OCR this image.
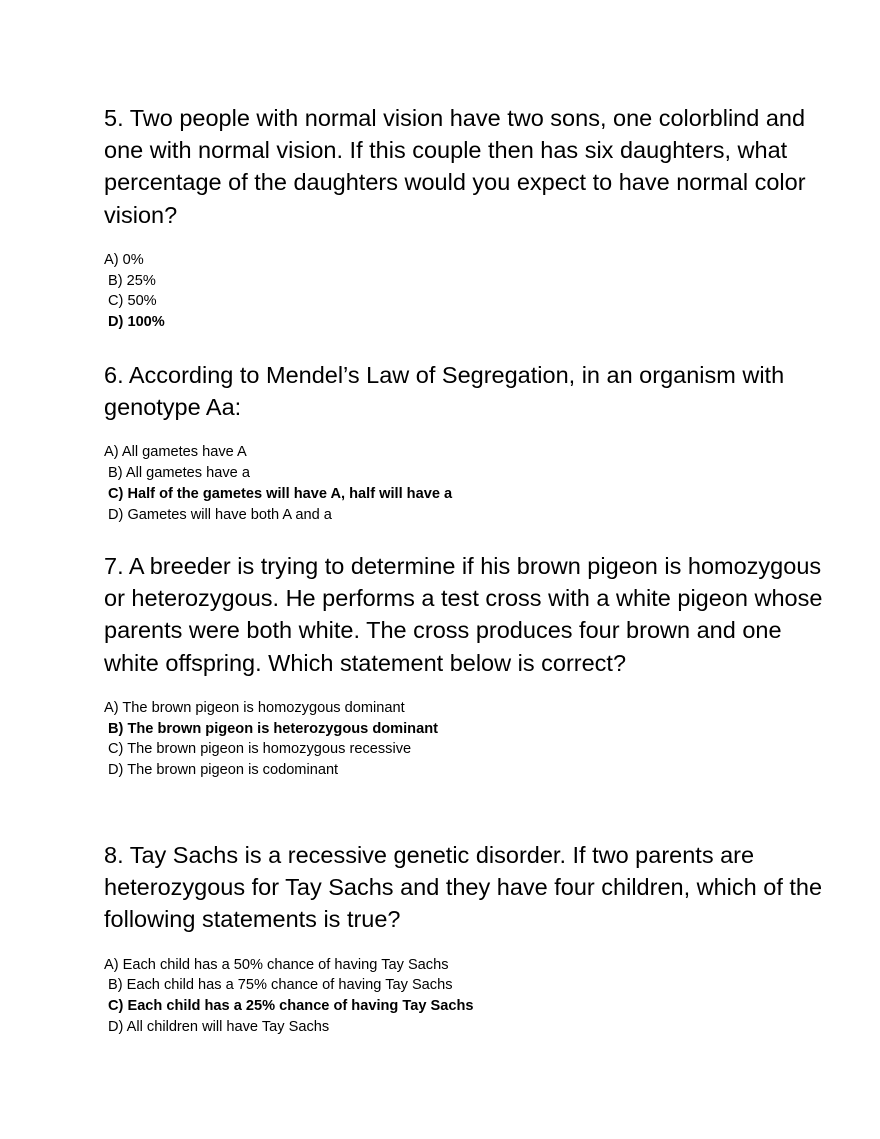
5. Two people with normal vision have two sons, one colorblind and one with normal vision. If this couple then has six daughters, what percentage of the daughters would you expect to have normal color vision?

A) 0%

B) 25%

C) 50%

D) 100%

6. According to Mendel’s Law of Segregation, in an organism with genotype Aa:

A) All gametes have A

B) All gametes have a

C) Half of the gametes will have A, half will have a

D) Gametes will have both A and a

7. A breeder is trying to determine if his brown pigeon is homozygous or heterozygous. He performs a test cross with a white pigeon whose parents were both white. The cross produces four brown and one white offspring. Which statement below is correct?

A) The brown pigeon is homozygous dominant

B) The brown pigeon is heterozygous dominant

C) The brown pigeon is homozygous recessive

D) The brown pigeon is codominant

8. Tay Sachs is a recessive genetic disorder. If two parents are heterozygous for Tay Sachs and they have four children, which of the following statements is true?

A) Each child has a 50% chance of having Tay Sachs

B) Each child has a 75% chance of having Tay Sachs

C) Each child has a 25% chance of having Tay Sachs

D) All children will have Tay Sachs
